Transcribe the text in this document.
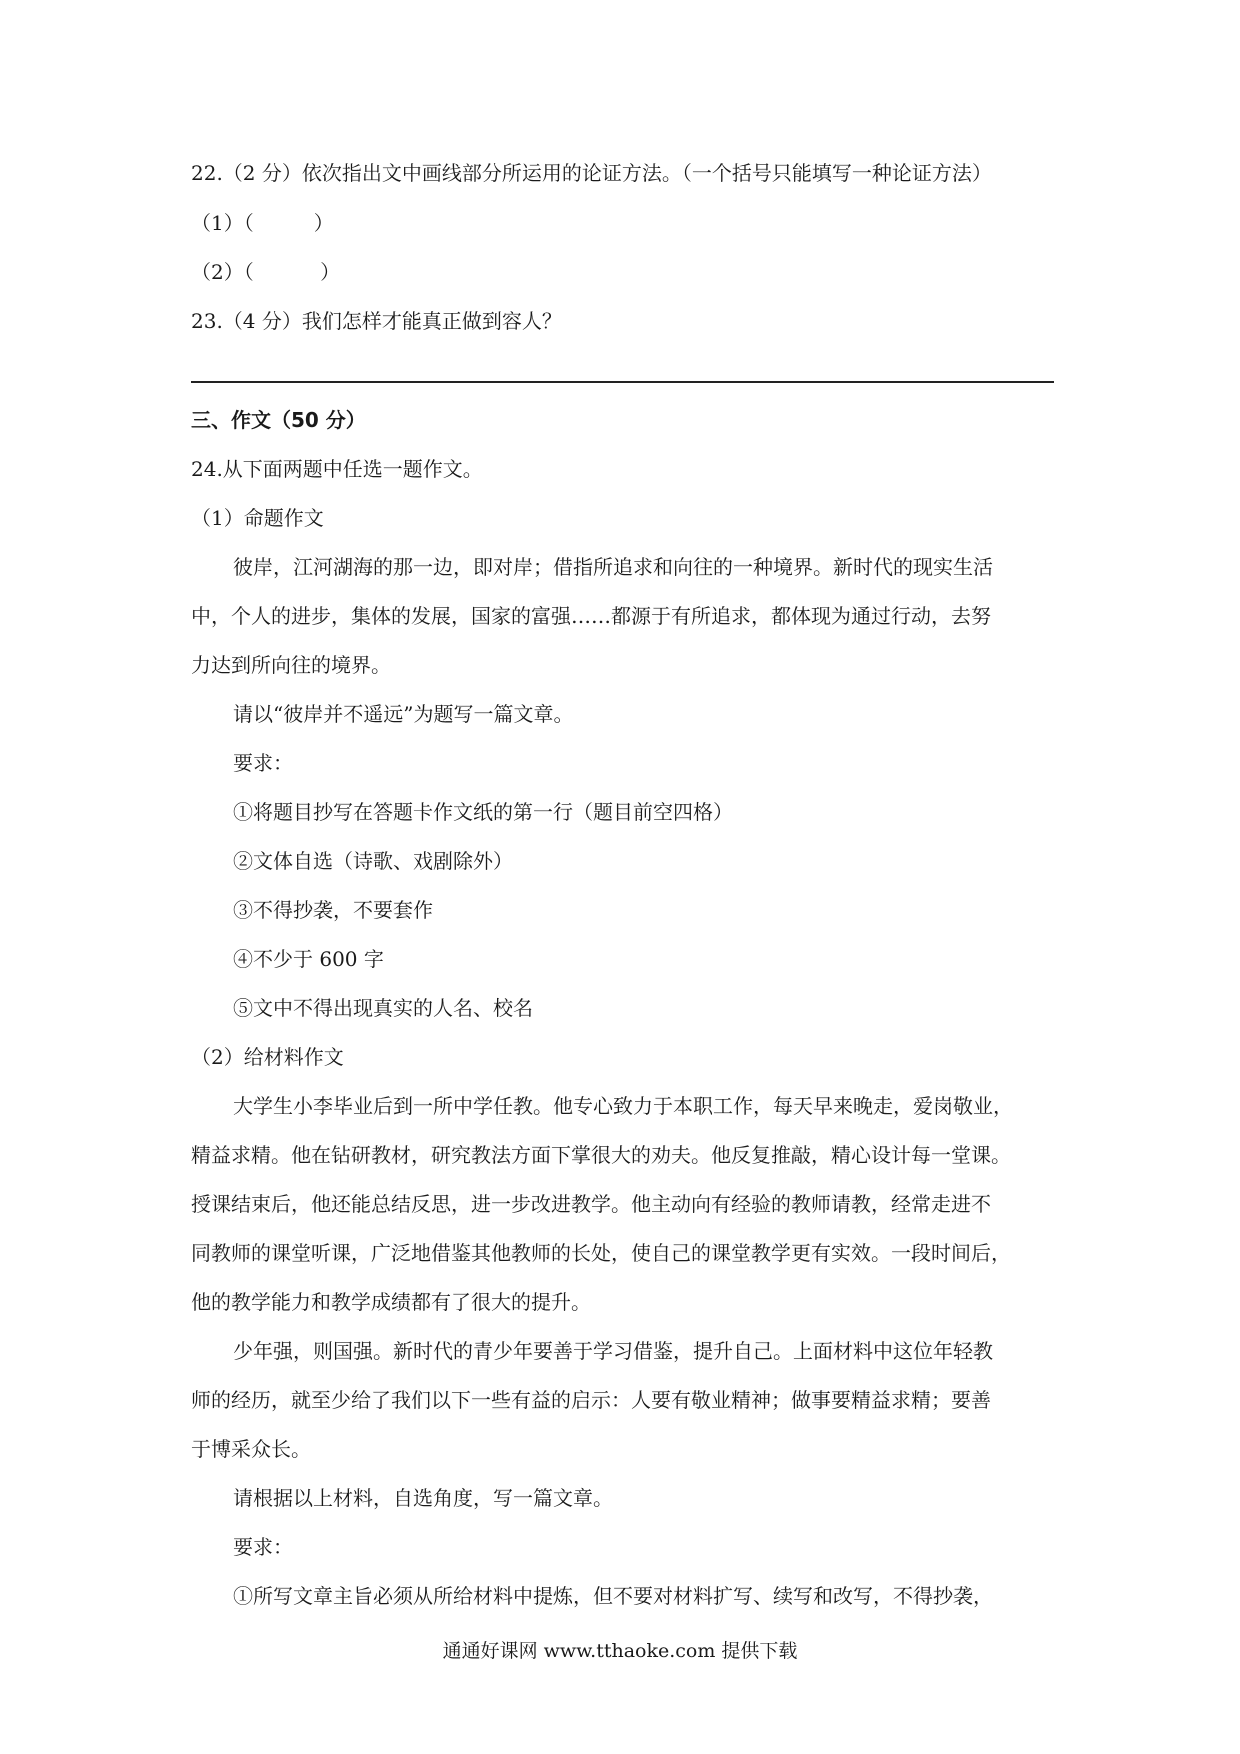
22.（2 分）依次指出文中画线部分所运用的论证方法。（一个括号只能填写一种论证方法）
（1）（　　　）
（2）（　　　 ）
23.（4 分）我们怎样才能真正做到容人？
三、作文（50 分）
24.从下面两题中任选一题作文。
（1）命题作文
彼岸，江河湖海的那一边，即对岸；借指所追求和向往的一种境界。新时代的现实生活
中，个人的进步，集体的发展，国家的富强……都源于有所追求，都体现为通过行动，去努
力达到所向往的境界。
请以“彼岸并不遥远”为题写一篇文章。
要求：
①将题目抄写在答题卡作文纸的第一行（题目前空四格）
②文体自选（诗歌、戏剧除外）
③不得抄袭，不要套作
④不少于 600 字
⑤文中不得出现真实的人名、校名
（2）给材料作文
大学生小李毕业后到一所中学任教。他专心致力于本职工作，每天早来晚走，爱岗敬业，
精益求精。他在钻研教材，研究教法方面下掌很大的劝夫。他反复推敲，精心设计每一堂课。
授课结束后，他还能总结反思，进一步改进教学。他主动向有经验的教师请教，经常走进不
同教师的课堂听课，广泛地借鉴其他教师的长处，使自己的课堂教学更有实效。一段时间后，
他的教学能力和教学成绩都有了很大的提升。
少年强，则国强。新时代的青少年要善于学习借鉴，提升自己。上面材料中这位年轻教
师的经历，就至少给了我们以下一些有益的启示：人要有敬业精神；做事要精益求精；要善
于博采众长。
请根据以上材料，自选角度，写一篇文章。
要求：
①所写文章主旨必须从所给材料中提炼，但不要对材料扩写、续写和改写，不得抄袭，
通通好课网 www.tthaoke.com 提供下载
